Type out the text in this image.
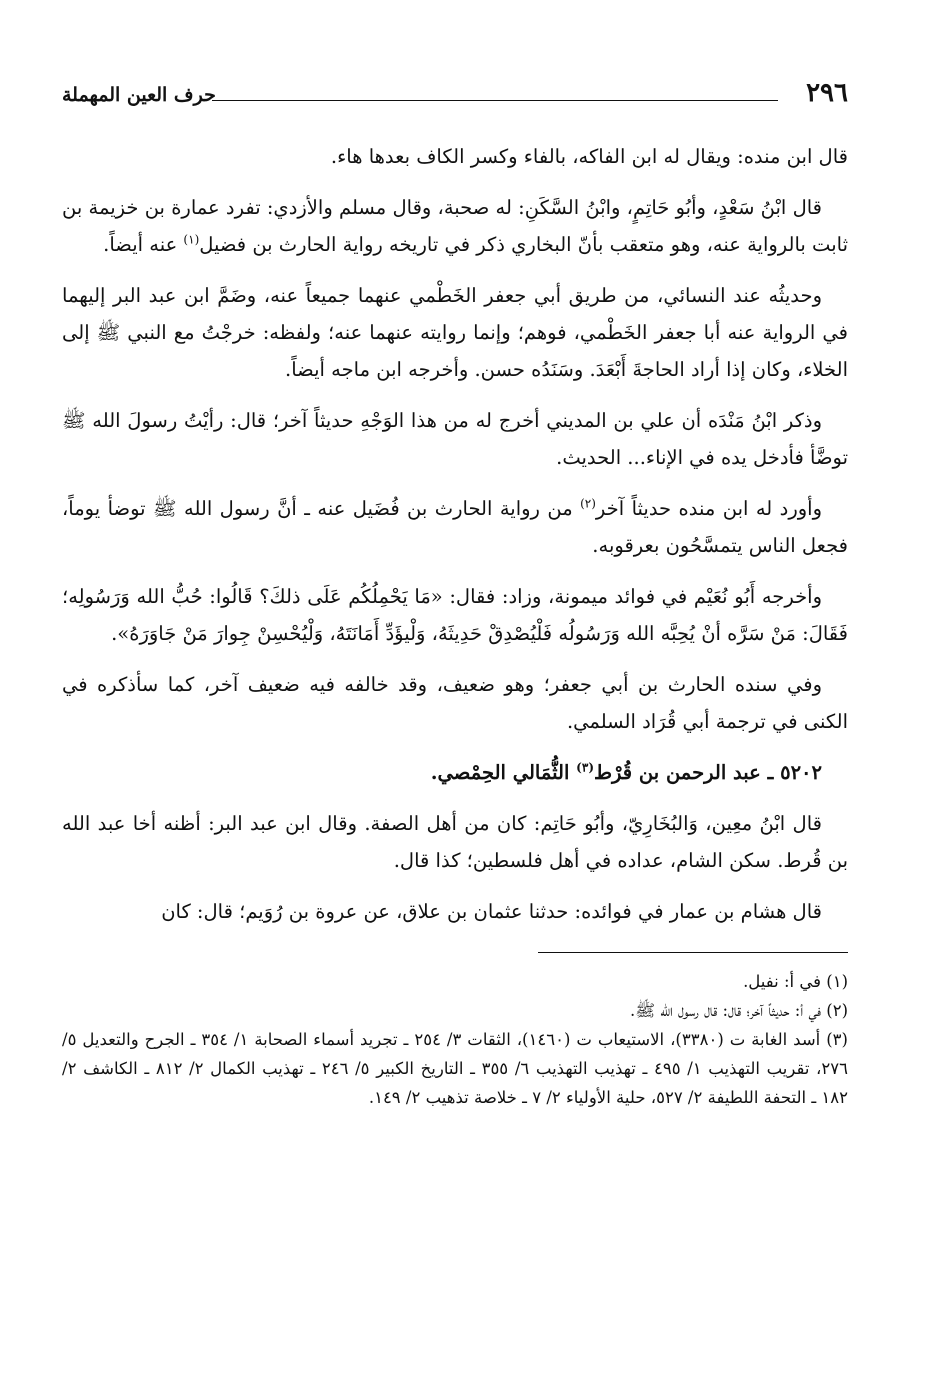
٢٩٦
حرف العين المهملة

قال ابن منده: ويقال له ابن الفاكه، بالفاء وكسر الكاف بعدها هاء.

قال ابْنُ سَعْدٍ، وأبُو حَاتِمٍ، وابْنُ السَّكَنِ: له صحبة، وقال مسلم والأزدي: تفرد عمارة بن خزيمة بن ثابت بالرواية عنه، وهو متعقب بأنّ البخاري ذكر في تاريخه رواية الحارث بن فضيل$^{(١)}$ عنه أيضاً.

وحديثُه عند النسائي، من طريق أبي جعفر الخَطْمي عنهما جميعاً عنه، وضَمَّ ابن عبد البر إليهما في الرواية عنه أبا جعفر الخَطْمي، فوهم؛ وإنما روايته عنهما عنه؛ ولفظه: خرجْتُ مع النبي ﷺ إلى الخلاء، وكان إذا أراد الحاجةَ أَبْعَدَ. وسَنَدُه حسن. وأخرجه ابن ماجه أيضاً.

وذكر ابْنُ مَنْدَه أن علي بن المديني أخرج له من هذا الوَجْهِ حديثاً آخر؛ قال: رأيْتُ رسولَ الله ﷺ توضَّأ فأدخل يده في الإناء... الحديث.

وأورد له ابن منده حديثاً آخر$^{(٢)}$ من رواية الحارث بن فُضَيل عنه ـ أنَّ رسول الله ﷺ توضأ يوماً، فجعل الناس يتمسَّحُون بعرقوبه.

وأخرجه أَبُو نُعَيْم في فوائد ميمونة، وزاد: فقال: «مَا يَحْمِلُكُم عَلَى ذلكَ؟ قَالُوا: حُبُّ الله وَرَسُولِه؛ فَقَالَ: مَنْ سَرَّه أنْ يُحِبَّه الله وَرَسُولُه فَلْيُصْدِقْ حَدِيثَهُ، وَلْيؤَدِّ أَمَانَتَهُ، وَلْيُحْسِنْ جِوارَ مَنْ جَاوَرَهُ».

وفي سنده الحارث بن أبي جعفر؛ وهو ضعيف، وقد خالفه فيه ضعيف آخر، كما سأذكره في الكنى في ترجمة أبي قُرَاد السلمي.

٥٢٠٢ ـ عبد الرحمن بن قُرْط$^{(٣)}$ الثُّمَالي الحِمْصي.

قال ابْنُ معِين، وَالبُخَارِيّ، وأبُو حَاتِم: كان من أهل الصفة. وقال ابن عبد البر: أظنه أخا عبد الله بن قُرط. سكن الشام، عداده في أهل فلسطين؛ كذا قال.

قال هشام بن عمار في فوائده: حدثنا عثمان بن علاق، عن عروة بن رُوَيم؛ قال: كان

(١) في أ: نفيل.

(٢) في أ: حديثاً آخر؛ قال: قال رسول الله ﷺ.

(٣) أسد الغابة ت (٣٣٨٠)، الاستيعاب ت (١٤٦٠)، الثقات ٣/ ٢٥٤ ـ تجريد أسماء الصحابة ١/ ٣٥٤ ـ الجرح والتعديل ٥/ ٢٧٦، تقريب التهذيب ١/ ٤٩٥ ـ تهذيب التهذيب ٦/ ٣٥٥ ـ التاريخ الكبير ٥/ ٢٤٦ ـ تهذيب الكمال ٢/ ٨١٢ ـ الكاشف ٢/ ١٨٢ ـ التحفة اللطيفة ٢/ ٥٢٧، حلية الأولياء ٢/ ٧ ـ خلاصة تذهيب ٢/ ١٤٩.
